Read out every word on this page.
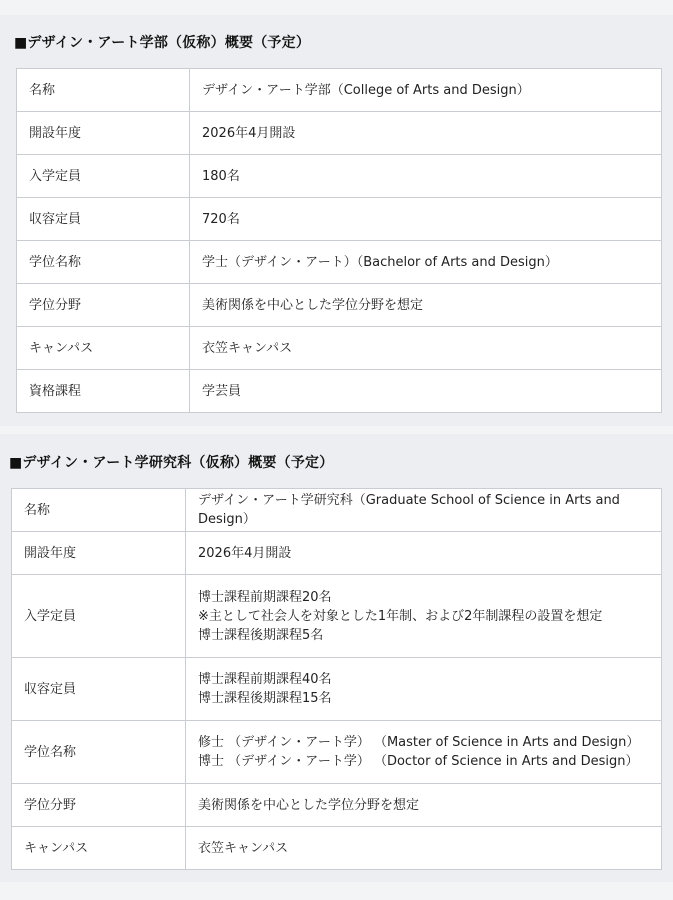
■デザイン・アート学部（仮称）概要（予定）
名称	デザイン・アート学部（College of Arts and Design）
開設年度	2026年4月開設
入学定員	180名
収容定員	720名
学位名称	学士（デザイン・アート）（Bachelor of Arts and Design）
学位分野	美術関係を中心とした学位分野を想定
キャンパス	衣笠キャンパス
資格課程	学芸員
■デザイン・アート学研究科（仮称）概要（予定）
名称	デザイン・アート学研究科（Graduate School of Science in Arts and Design）
開設年度	2026年4月開設
入学定員	博士課程前期課程20名
※主として社会人を対象とした1年制、および2年制課程の設置を想定
博士課程後期課程5名

収容定員	博士課程前期課程40名
博士課程後期課程15名

学位名称	修士 （デザイン・アート学） （Master of Science in Arts and Design）
博士 （デザイン・アート学） （Doctor of Science in Arts and Design）

学位分野	美術関係を中心とした学位分野を想定
キャンパス	衣笠キャンパス
